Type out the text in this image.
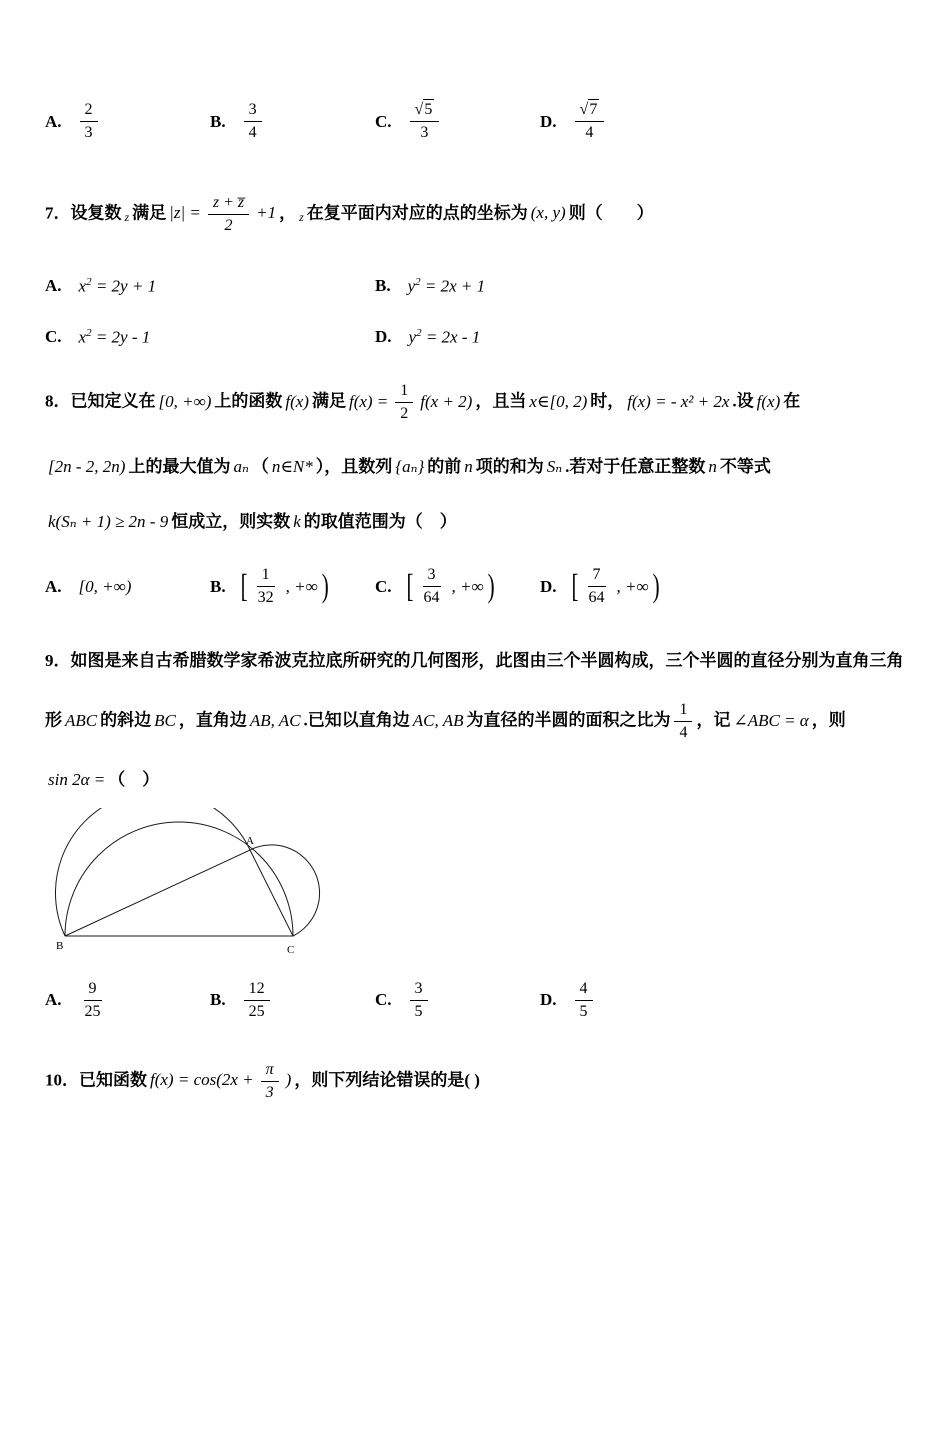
A. $\frac{2}{3}$	B. $\frac{3}{4}$	C. $\frac{√5}{3}$	D. $\frac{√7}{4}$
7．设复数 z 满足 $|z| = \frac{z + z̅}{2} +1$ ， z 在复平面内对应的点的坐标为 (x, y) 则（　　）
A. $x^2 = 2y + 1$	B. $y^2 = 2x + 1$
C. $x^2 = 2y - 1$	D. $y^2 = 2x - 1$
8．已知定义在 [0, +∞) 上的函数 f(x) 满足 $f(x) = \frac{1}{2} f(x + 2)$ ，且当 x∈[0, 2) 时， f(x) = - x² + 2x .设 f(x) 在
[2n - 2, 2n) 上的最大值为 aₙ （ n∈N* ），且数列 {aₙ} 的前 n 项的和为 Sₙ .若对于任意正整数 n 不等式
k(Sₙ + 1) ≥ 2n - 9 恒成立，则实数 k 的取值范围为（　）
A. [0, +∞)	B. [ $\frac{1}{32}$ , +∞ )	C. [ $\frac{3}{64}$ , +∞ )	D. [ $\frac{7}{64}$ , +∞ )
9．如图是来自古希腊数学家希波克拉底所研究的几何图形，此图由三个半圆构成，三个半圆的直径分别为直角三角
形 ABC 的斜边 BC ，直角边 AB, AC .已知以直角边 AC, AB 为直径的半圆的面积之比为 $\frac{1}{4}$ ，记 ∠ABC = α ，则
sin 2α = （　）
A
B	C
A. $\frac{9}{25}$	B. $\frac{12}{25}$	C. $\frac{3}{5}$	D. $\frac{4}{5}$
10．已知函数 $f(x) = \cos(2x + \frac{\pi}{3}$ ) ，则下列结论错误的是( )
